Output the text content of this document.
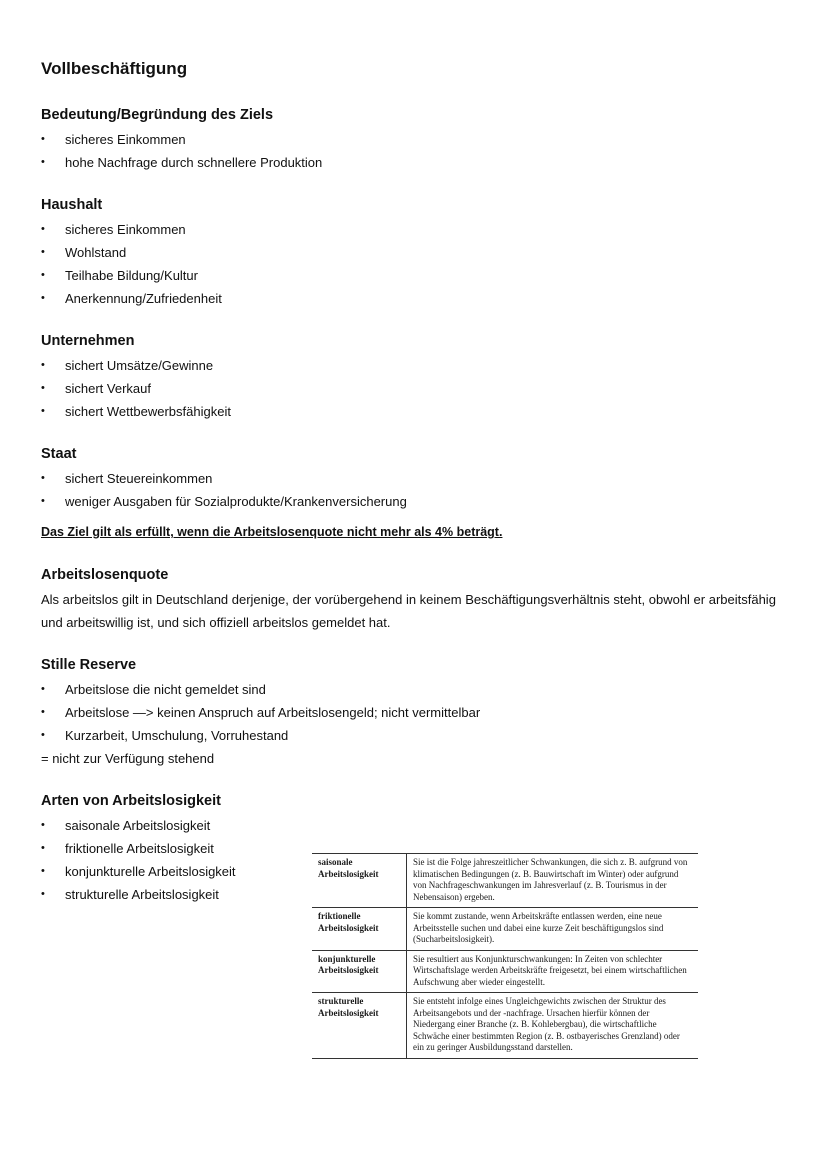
Vollbeschäftigung
Bedeutung/Begründung des Ziels
• sicheres Einkommen
• hohe Nachfrage durch schnellere Produktion
Haushalt
• sicheres Einkommen
• Wohlstand
• Teilhabe Bildung/Kultur
• Anerkennung/Zufriedenheit
Unternehmen
• sichert Umsätze/Gewinne
• sichert Verkauf
• sichert Wettbewerbsfähigkeit
Staat
• sichert Steuereinkommen
• weniger Ausgaben für Sozialprodukte/Krankenversicherung
Das Ziel gilt als erfüllt, wenn die Arbeitslosenquote nicht mehr als 4% beträgt.
Arbeitslosenquote

Als arbeitslos gilt in Deutschland derjenige, der vorübergehend in keinem Beschäftigungsverhältnis steht, obwohl er arbeitsfähig und arbeitswillig ist, und sich offiziell arbeitslos gemeldet hat.

Stille Reserve
• Arbeitslose die nicht gemeldet sind
• Arbeitslose —> keinen Anspruch auf Arbeitslosengeld; nicht vermittelbar
• Kurzarbeit, Umschulung, Vorruhestand
= nicht zur Verfügung stehend
Arten von Arbeitslosigkeit
• saisonale Arbeitslosigkeit
• friktionelle Arbeitslosigkeit
• konjunkturelle Arbeitslosigkeit
• strukturelle Arbeitslosigkeit
saisonale Arbeitslosigkeit	Sie ist die Folge jahreszeitlicher Schwankungen, die sich z. B. aufgrund von klimatischen Bedingungen (z. B. Bauwirtschaft im Winter) oder aufgrund von Nachfrageschwankungen im Jahresverlauf (z. B. Tourismus in der Nebensaison) ergeben.
friktionelle Arbeitslosigkeit	Sie kommt zustande, wenn Arbeitskräfte entlassen werden, eine neue Arbeitsstelle suchen und dabei eine kurze Zeit beschäftigungslos sind (Sucharbeitslosigkeit).
konjunkturelle Arbeitslosigkeit	Sie resultiert aus Konjunkturschwankungen: In Zeiten von schlechter Wirtschaftslage werden Arbeitskräfte freigesetzt, bei einem wirtschaftlichen Aufschwung aber wieder eingestellt.
strukturelle Arbeitslosigkeit	Sie entsteht infolge eines Ungleichgewichts zwischen der Struktur des Arbeitsangebots und der -nachfrage. Ursachen hierfür können der Niedergang einer Branche (z. B. Kohlebergbau), die wirtschaftliche Schwäche einer bestimmten Region (z. B. ostbayerisches Grenzland) oder ein zu geringer Ausbildungsstand darstellen.
